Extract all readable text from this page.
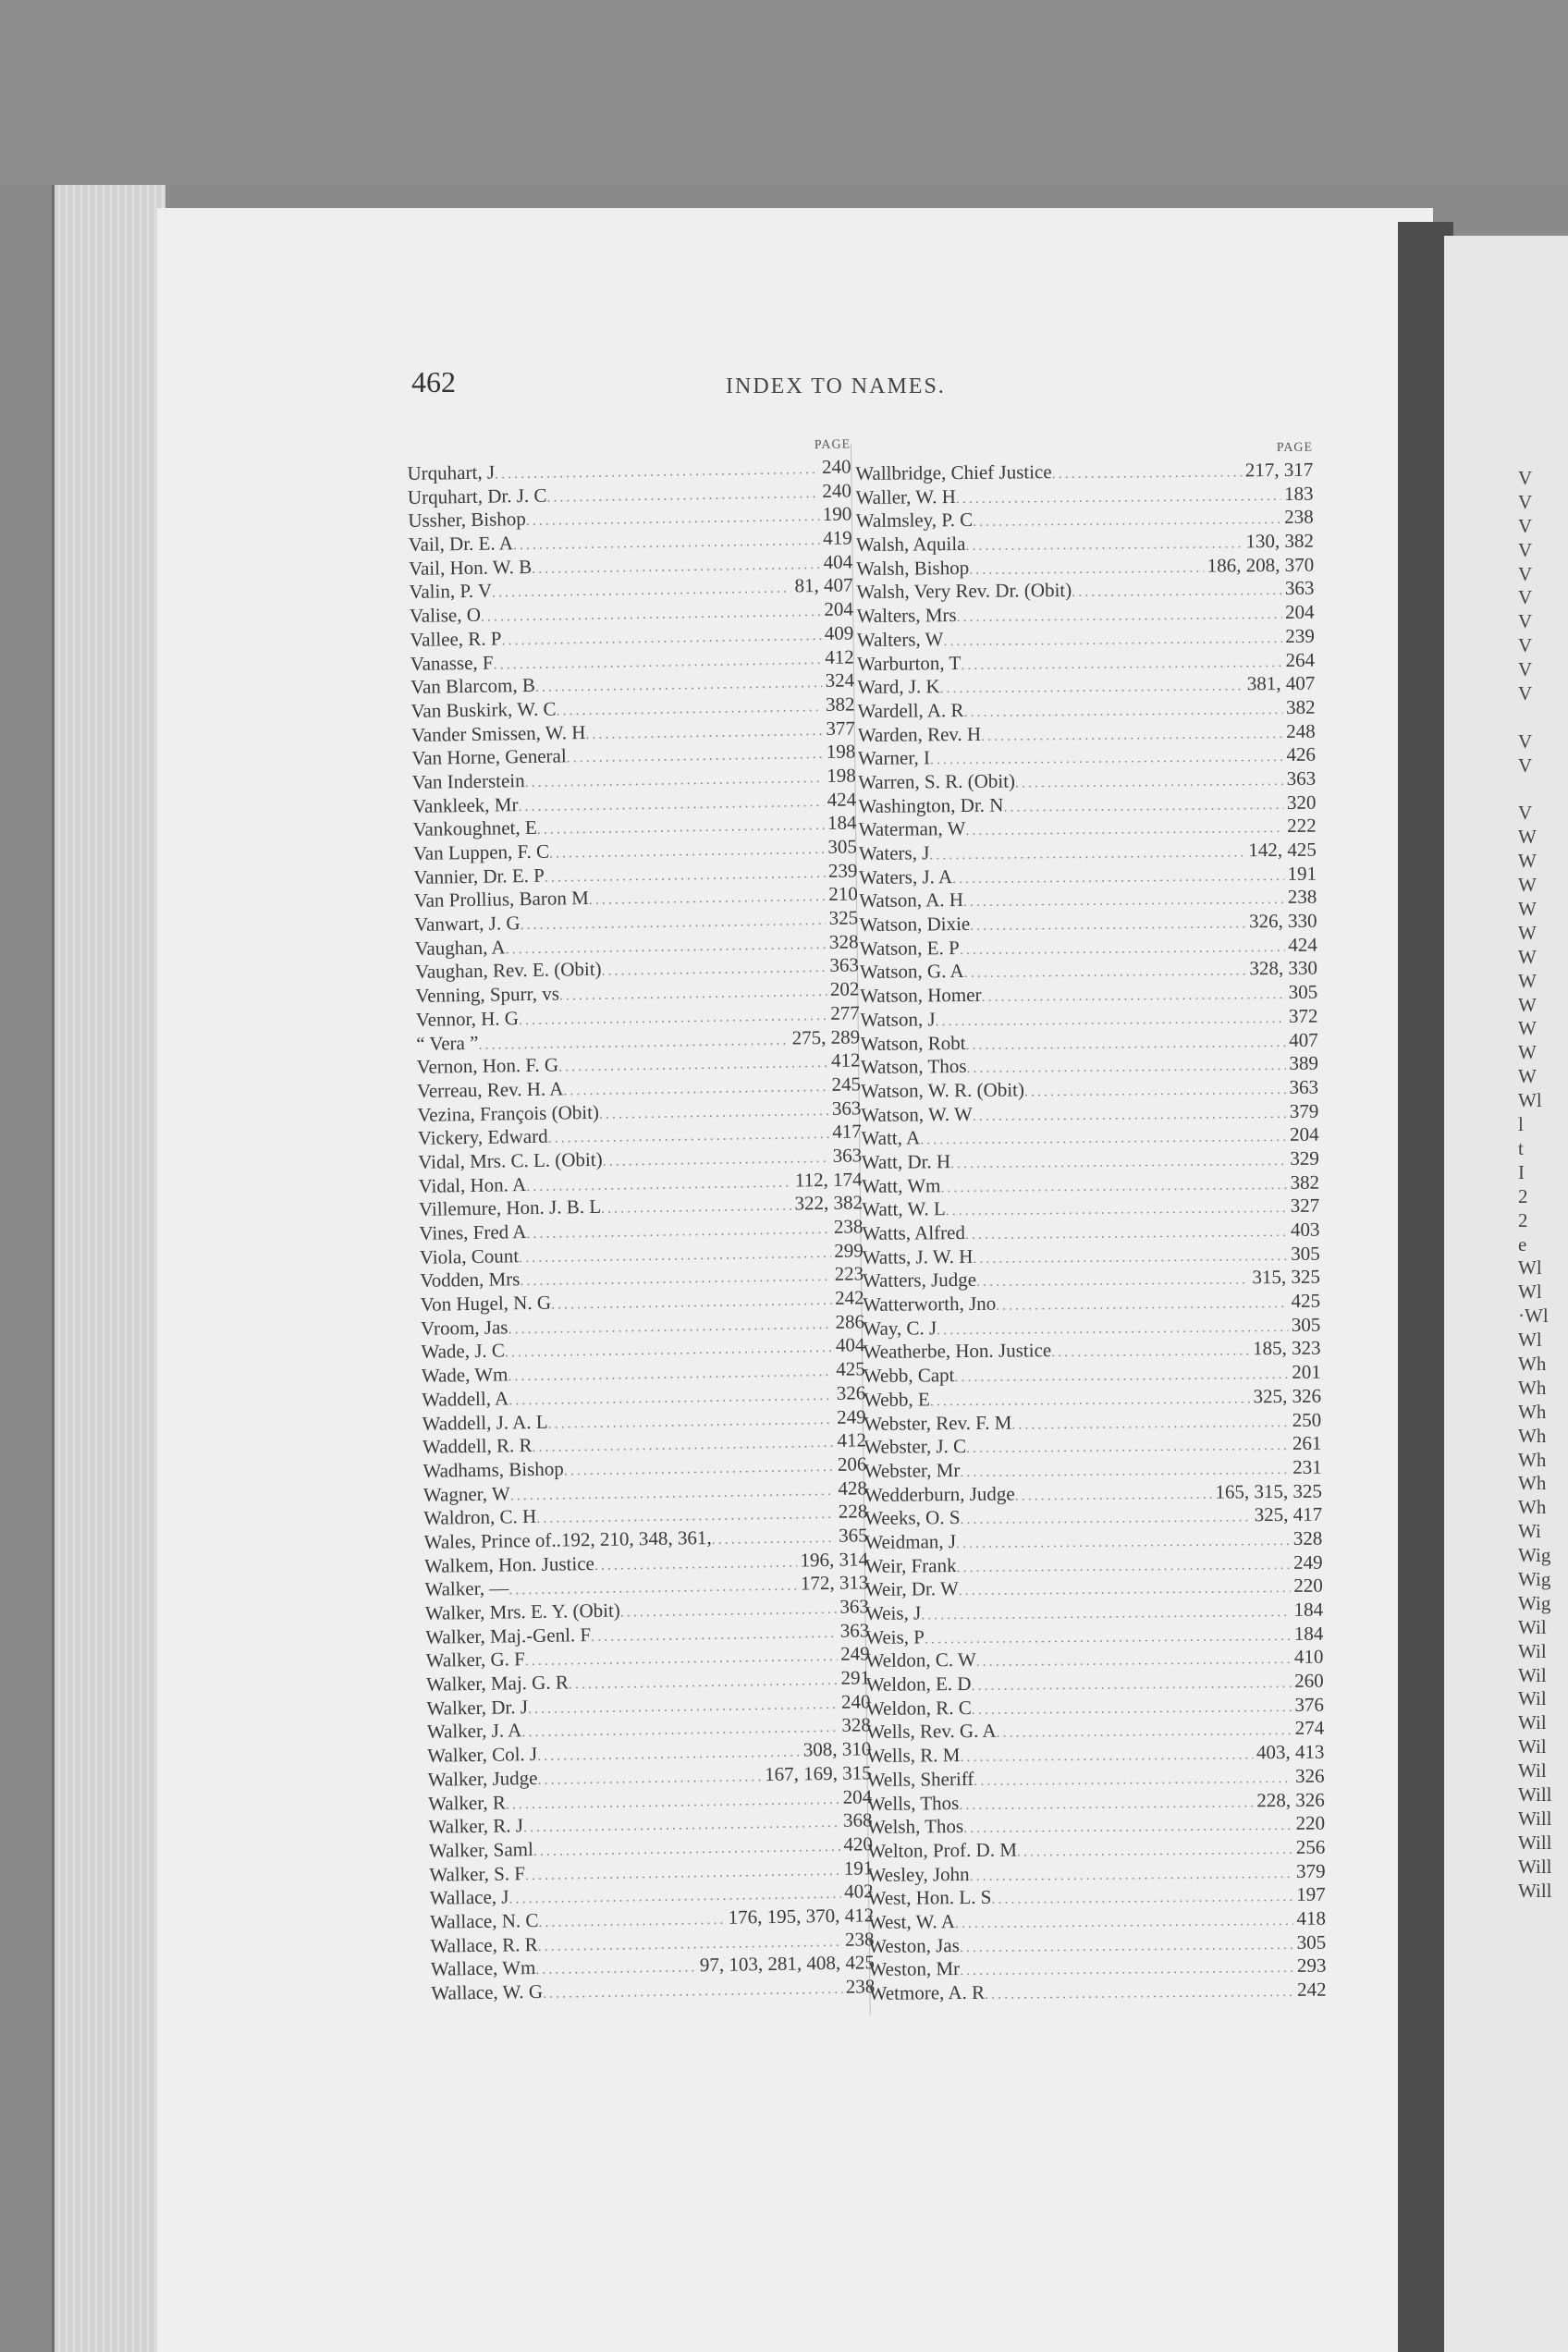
462	INDEX TO NAMES.
PAGE
Urquhart, J .....	240
Urquhart, Dr. J. C .....	240
Ussher, Bishop .....	190
Vail, Dr. E. A .....	419
Vail, Hon. W. B .....	404
Valin, P. V .....	81, 407
Valise, O .....	204
Vallee, R. P .....	409
Vanasse, F .....	412
Van Blarcom, B .....	324
Van Buskirk, W. C .....	382
Vander Smissen, W. H .....	377
Van Horne, General .....	198
Van Inderstein .....	198
Vankleek, Mr .....	424
Vankoughnet, E .....	184
Van Luppen, F. C .....	305
Vannier, Dr. E. P .....	239
Van Prollius, Baron M .....	210
Vanwart, J. G .....	325
Vaughan, A .....	328
Vaughan, Rev. E. (Obit) .....	363
Venning, Spurr, vs .....	202
Vennor, H. G .....	277
“ Vera ” .....	275, 289
Vernon, Hon. F. G .....	412
Verreau, Rev. H. A .....	245
Vezina, François (Obit) .....	363
Vickery, Edward .....	417
Vidal, Mrs. C. L. (Obit) .....	363
Vidal, Hon. A .....	112, 174
Villemure, Hon. J. B. L .....	322, 382
Vines, Fred A .....	238
Viola, Count .....	299
Vodden, Mrs .....	223
Von Hugel, N. G .....	242
Vroom, Jas .....	286
Wade, J. C .....	404
Wade, Wm .....	425
Waddell, A .....	326
Waddell, J. A. L .....	249
Waddell, R. R .....	412
Wadhams, Bishop .....	206
Wagner, W .....	428
Waldron, C. H .....	228
Wales, Prince of..192, 210, 348, 361, .....	365
Walkem, Hon. Justice .....	196, 314
Walker, — .....	172, 313
Walker, Mrs. E. Y. (Obit) .....	363
Walker, Maj.-Genl. F .....	363
Walker, G. F .....	249
Walker, Maj. G. R .....	291
Walker, Dr. J .....	240
Walker, J. A .....	328
Walker, Col. J .....	308, 310
Walker, Judge .....	167, 169, 315
Walker, R .....	204
Walker, R. J .....	368
Walker, Saml .....	420
Walker, S. F .....	191
Wallace, J .....	402
Wallace, N. C .....	176, 195, 370, 412
Wallace, R. R .....	238
Wallace, Wm .....	97, 103, 281, 408, 425
Wallace, W. G .....	238
PAGE
Wallbridge, Chief Justice .....	217, 317
Waller, W. H .....	183
Walmsley, P. C .....	238
Walsh, Aquila .....	130, 382
Walsh, Bishop .....	186, 208, 370
Walsh, Very Rev. Dr. (Obit) .....	363
Walters, Mrs .....	204
Walters, W .....	239
Warburton, T .....	264
Ward, J. K .....	381, 407
Wardell, A. R .....	382
Warden, Rev. H .....	248
Warner, I .....	426
Warren, S. R. (Obit) .....	363
Washington, Dr. N .....	320
Waterman, W .....	222
Waters, J .....	142, 425
Waters, J. A .....	191
Watson, A. H .....	238
Watson, Dixie .....	326, 330
Watson, E. P .....	424
Watson, G. A .....	328, 330
Watson, Homer .....	305
Watson, J .....	372
Watson, Robt .....	407
Watson, Thos .....	389
Watson, W. R. (Obit) .....	363
Watson, W. W .....	379
Watt, A .....	204
Watt, Dr. H .....	329
Watt, Wm .....	382
Watt, W. L .....	327
Watts, Alfred .....	403
Watts, J. W. H .....	305
Watters, Judge .....	315, 325
Watterworth, Jno .....	425
Way, C. J .....	305
Weatherbe, Hon. Justice .....	185, 323
Webb, Capt .....	201
Webb, E .....	325, 326
Webster, Rev. F. M .....	250
Webster, J. C .....	261
Webster, Mr .....	231
Wedderburn, Judge .....	165, 315, 325
Weeks, O. S .....	325, 417
Weidman, J .....	328
Weir, Frank .....	249
Weir, Dr. W .....	220
Weis, J .....	184
Weis, P .....	184
Weldon, C. W .....	410
Weldon, E. D .....	260
Weldon, R. C .....	376
Wells, Rev. G. A .....	274
Wells, R. M .....	403, 413
Wells, Sheriff .....	326
Wells, Thos .....	228, 326
Welsh, Thos .....	220
Welton, Prof. D. M .....	256
Wesley, John .....	379
West, Hon. L. S .....	197
West, W. A .....	418
Weston, Jas .....	305
Weston, Mr .....	293
Wetmore, A. R .....	242
V
V
V
V
V
V
V
V
V
V
V
V
V
W
W
W
W
W
W
W
W
W
W
W
Wl
l
t
I
2
2
e
Wl
Wl
·Wl
Wl
Wh
Wh
Wh
Wh
Wh
Wh
Wh
Wi
Wig
Wig
Wig
Wil
Wil
Wil
Wil
Wil
Wil
Wil
Will
Will
Will
Will
Will
